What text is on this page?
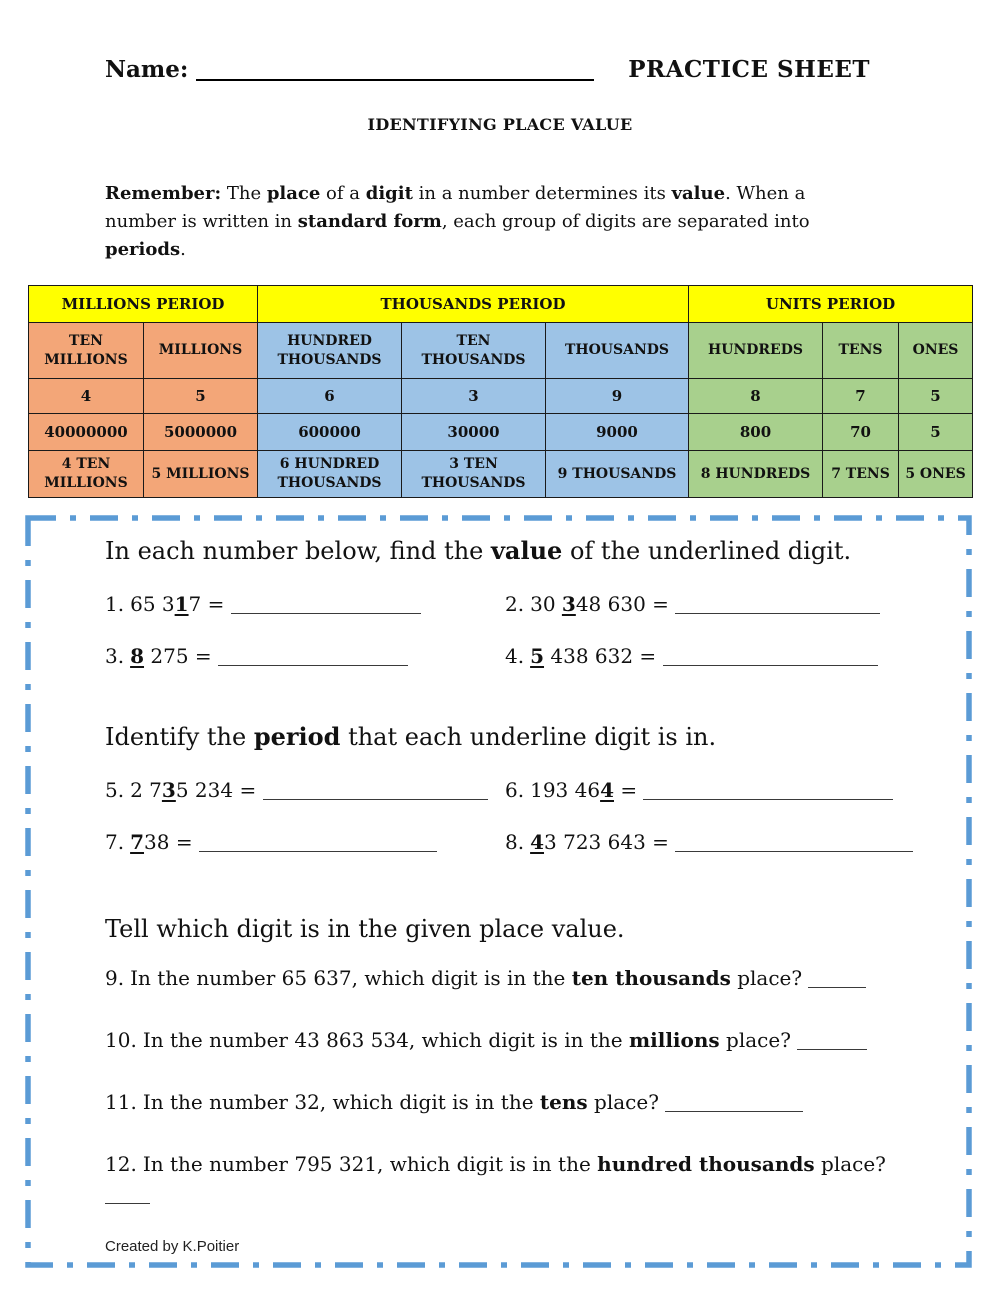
Name:	PRACTICE SHEET
IDENTIFYING PLACE VALUE

Remember: The place of a digit in a number determines its value. When a number is written in standard form, each group of digits are separated into periods.

MILLIONS PERIOD		THOUSANDS PERIOD			UNITS PERIOD		
TEN MILLIONS	MILLIONS	HUNDRED THOUSANDS	TEN THOUSANDS	THOUSANDS	HUNDREDS	TENS	ONES
4	5	6	3	9	8	7	5
40000000	5000000	600000	30000	9000	800	70	5
4 TEN MILLIONS	5 MILLIONS	6 HUNDRED THOUSANDS	3 TEN THOUSANDS	9 THOUSANDS	8 HUNDREDS	7 TENS	5 ONES
In each number below, find the value of the underlined digit.
1. 65 317 =	2. 30 348 630 =
3. 8 275 =	4. 5 438 632 =
Identify the period that each underline digit is in.
5. 2 735 234 =	6. 193 464 =
7. 738 =	8. 43 723 643 =
Tell which digit is in the given place value.
9. In the number 65 637, which digit is in the ten thousands place?
10. In the number 43 863 534, which digit is in the millions place?
11. In the number 32, which digit is in the tens place?
12. In the number 795 321, which digit is in the hundred thousands place?
Created by K.Poitier
